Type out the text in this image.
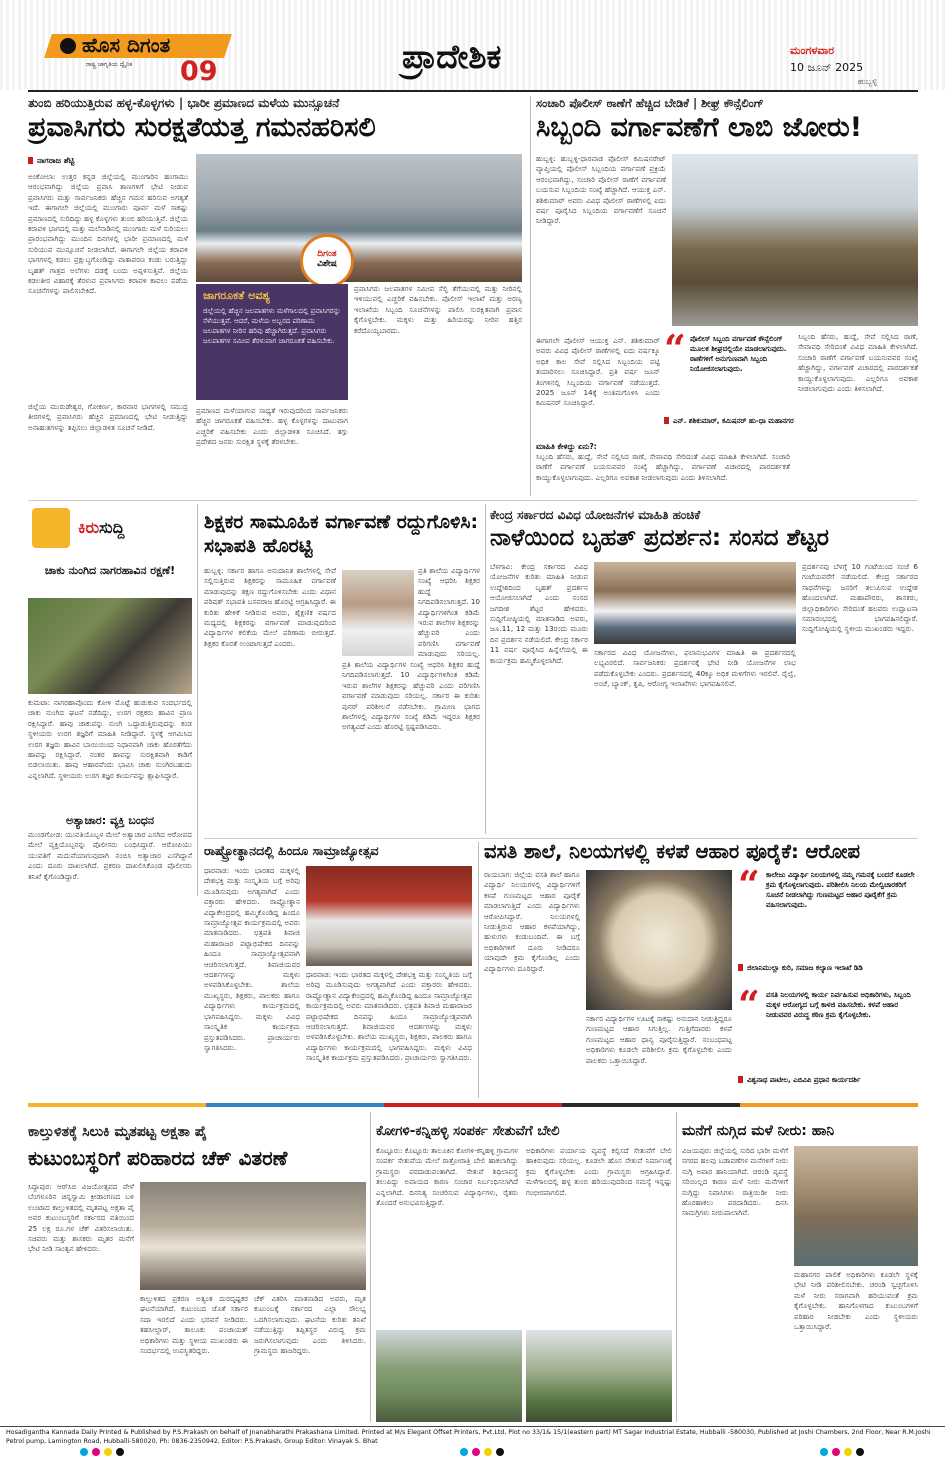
ಹೊಸ ದಿಗಂತ
ರಾಷ್ಟ್ರ ಜಾಗೃತಿಯ ದ್ವೈನಿಕ 09	ಪ್ರಾದೇಶಿಕ	ಮಂಗಳವಾರ
10 ಜೂನ್ 2025
ಹುಬ್ಬಳ್ಳಿ
ತುಂಬಿ ಹರಿಯುತ್ತಿರುವ ಹಳ್ಳ-ಕೊಳ್ಳಗಳು | ಭಾರೀ ಪ್ರಮಾಣದ ಮಳೆಯ ಮುನ್ಸೂಚನೆ
ಪ್ರವಾಸಿಗರು ಸುರಕ್ಷತೆಯತ್ತ ಗಮನಹರಿಸಲಿ
ನಾಗರಾಜ ಶೆಟ್ಟಿ
ಅಂಕೋಲಾ: ಉತ್ತರ ಕನ್ನಡ ಜಿಲ್ಲೆಯಲ್ಲಿ ಮುಂಗಾರಿನ ಹಂಗಾಮು ಆರಂಭವಾಗಿದ್ದು ಜಿಲ್ಲೆಯ ಪ್ರವಾಸಿ ತಾಣಗಳಿಗೆ ಭೇಟಿ ನೀಡುವ ಪ್ರವಾಸಿಗರು ಮತ್ತು ಸಾರ್ವಜನಿಕರು ಹೆಚ್ಚಿನ ಗಮನ ಹರಿಸುವ ಅಗತ್ಯತೆ ಇದೆ. ಈಗಾಗಲೇ ಜಿಲ್ಲೆಯಲ್ಲಿ ಮುಂಗಾರು ಪೂರ್ವ ಮಳೆ ಸಾಕಷ್ಟು ಪ್ರಮಾಣದಲ್ಲಿ ಸುರಿದಿದ್ದು ಹಳ್ಳ ಕೊಳ್ಳಗಳು ತುಂಬಿ ಹರಿಯುತ್ತಿವೆ. ಜಿಲ್ಲೆಯ ಕರಾವಳಿ ಭಾಗದಲ್ಲಿ ಮತ್ತು ಮಲೆನಾಡಿನಲ್ಲಿ ಮುಂಗಾರು ಮಳೆ ಸುರಿಯಲು ಪ್ರಾರಂಭವಾಗಿದ್ದು ಮುಂದಿನ ದಿನಗಳಲ್ಲಿ ಭಾರೀ ಪ್ರಮಾಣದಲ್ಲಿ ಮಳೆ ಸುರಿಯುವ ಮುನ್ಸೂಚನೆ ನೀಡಲಾಗಿದೆ. ಈಗಾಗಲೇ ಜಿಲ್ಲೆಯ ಕರಾವಳಿ ಭಾಗಗಳಲ್ಲಿ ಕಡಲು ಪ್ರಕ್ಷುಬ್ಧಗೊಂಡಿದ್ದು ವಾತಾವರಣ ಕಂಡು ಬರುತ್ತಿದ್ದು ಬೃಹತ್ ಗಾತ್ರದ ಅಲೆಗಳು ದಡಕ್ಕೆ ಬಂದು ಅಪ್ಪಳಿಸುತ್ತಿವೆ. ಜಿಲ್ಲೆಯ ಕಡಲತೀರ ವಿಹಾರಕ್ಕೆ ತೆರಳುವ ಪ್ರವಾಸಿಗರು ಕರಾವಳಿ ಕಾವಲು ಪಡೆಯ ಸೂಚನೆಗಳನ್ನು ಪಾಲಿಸಬೇಕಿದೆ.
ಜಿಲ್ಲೆಯ ಮುರುಡೇಶ್ವರ, ಗೋಕರ್ಣ, ಕಾರವಾರ ಭಾಗಗಳಲ್ಲಿ ಸಮುದ್ರ ತೀರಗಳಲ್ಲಿ ಪ್ರವಾಸಿಗರು ಹೆಚ್ಚಿನ ಪ್ರಮಾಣದಲ್ಲಿ ಭೇಟಿ ನೀಡುತ್ತಿದ್ದು ಅನಾಹುತಗಳನ್ನು ತಪ್ಪಿಸಲು ಜಿಲ್ಲಾಡಳಿತ ಸೂಚನೆ ನೀಡಿದೆ.
ದಿಗಂತ
ವಿಶೇಷ
ಜಾಗರೂಕತೆ ಅವಶ್ಯ
ಜಿಲ್ಲೆಯಲ್ಲಿ ಹೆಚ್ಚಿನ ಜಲಪಾತಗಳು ಮಳೆಗಾಲದಲ್ಲಿ ಪ್ರವಾಸಿಗರನ್ನು ಸೆಳೆಯುತ್ತವೆ. ಆದರೆ, ಮಳೆಯ ಅಬ್ಬರದ ಪರಿಣಾಮ ಜಲಪಾತಗಳ ನೀರಿನ ಹರಿವು ಹೆಚ್ಚಾಗಿರುತ್ತದೆ. ಪ್ರವಾಸಿಗರು ಜಲಪಾತಗಳ ಸಮೀಪ ತೆರಳುವಾಗ ಜಾಗರೂಕತೆ ವಹಿಸಬೇಕು.
ಪ್ರಮಾಣದ ಮಳೆಯಾಗುವ ಸಾಧ್ಯತೆ ಇರುವುದರಿಂದ ಸಾರ್ವಜನಿಕರು ಹೆಚ್ಚಿನ ಜಾಗರೂಕತೆ ವಹಿಸಬೇಕು. ಹಳ್ಳ ಕೊಳ್ಳಗಳನ್ನು ದಾಟುವಾಗ ಎಚ್ಚರಿಕೆ ವಹಿಸಬೇಕು ಎಂದು ಜಿಲ್ಲಾಡಳಿತ ಸೂಚಿಸಿದೆ. ತಗ್ಗು ಪ್ರದೇಶದ ಜನರು ಸುರಕ್ಷಿತ ಸ್ಥಳಕ್ಕೆ ತೆರಳಬೇಕು.
ಪ್ರವಾಸಿಗರು ಜಲಪಾತಗಳ ಸಮೀಪ ಸೆಲ್ಫಿ ತೆಗೆಯುವಲ್ಲಿ ಮತ್ತು ನೀರಿನಲ್ಲಿ ಇಳಿಯುವಲ್ಲಿ ಎಚ್ಚರಿಕೆ ವಹಿಸಬೇಕು. ಪೊಲೀಸ್ ಇಲಾಖೆ ಮತ್ತು ಅರಣ್ಯ ಇಲಾಖೆಯ ಸಿಬ್ಬಂದಿ ಸೂಚನೆಗಳನ್ನು ಪಾಲಿಸಿ ಸುರಕ್ಷಿತವಾಗಿ ಪ್ರವಾಸ ಕೈಗೊಳ್ಳಬೇಕು. ಮಕ್ಕಳು ಮತ್ತು ಹಿರಿಯರನ್ನು ನೀರಿನ ಹತ್ತಿರ ಕರೆದೊಯ್ಯಬಾರದು.
ಸಂಚಾರಿ ಪೊಲೀಸ್ ಠಾಣೆಗೆ ಹೆಚ್ಚಿದ ಬೇಡಿಕೆ | ಶೀಘ್ರ ಕೌನ್ಸೆಲಿಂಗ್
ಸಿಬ್ಬಂದಿ ವರ್ಗಾವಣೆಗೆ ಲಾಬಿ ಜೋರು!
ಹುಬ್ಬಳ್ಳಿ: ಹುಬ್ಬಳ್ಳಿ-ಧಾರವಾಡ ಪೊಲೀಸ್ ಕಮಿಷನರೇಟ್ ವ್ಯಾಪ್ತಿಯಲ್ಲಿ ಪೊಲೀಸ್ ಸಿಬ್ಬಂದಿಯ ವರ್ಗಾವಣೆ ಪ್ರಕ್ರಿಯೆ ಆರಂಭವಾಗಿದ್ದು, ಸಂಚಾರಿ ಪೊಲೀಸ್ ಠಾಣೆಗೆ ವರ್ಗಾವಣೆ ಬಯಸುವ ಸಿಬ್ಬಂದಿಯ ಸಂಖ್ಯೆ ಹೆಚ್ಚಾಗಿದೆ. ಆಯುಕ್ತ ಎನ್. ಶಶಿಕುಮಾರ್ ಅವರು ವಿವಿಧ ಪೊಲೀಸ್ ಠಾಣೆಗಳಲ್ಲಿ ಐದು ವರ್ಷ ಪೂರೈಸಿದ ಸಿಬ್ಬಂದಿಯ ವರ್ಗಾವಣೆಗೆ ಸೂಚನೆ ನೀಡಿದ್ದಾರೆ.
“ ಪೊಲೀಸ್ ಸಿಬ್ಬಂದಿ ವರ್ಗಾವಣೆ ಕೌನ್ಸೆಲಿಂಗ್ ಮೂಲಕ ಶೀಘ್ರದಲ್ಲಿಯೇ ಮಾಡಲಾಗುವುದು. ಠಾಣೆಗಳಿಗೆ ಅನುಗುಣವಾಗಿ ಸಿಬ್ಬಂದಿ ನಿಯೋಜಿಸಲಾಗುವುದು.
ಎನ್. ಶಶಿಕುಮಾರ್, ಕಮಿಷನರ್ ಹು-ಧಾ ಮಹಾನಗರ
ಈಗಾಗಲೇ ಪೊಲೀಸ್ ಆಯುಕ್ತ ಎನ್. ಶಶಿಕುಮಾರ್ ಅವರು ವಿವಿಧ ಪೊಲೀಸ್ ಠಾಣೆಗಳಲ್ಲಿ ಐದು ವರ್ಷಕ್ಕೂ ಅಧಿಕ ಕಾಲ ಸೇವೆ ಸಲ್ಲಿಸಿದ ಸಿಬ್ಬಂದಿಯ ಪಟ್ಟಿ ತಯಾರಿಸಲು ಸೂಚಿಸಿದ್ದಾರೆ. ಪ್ರತಿ ವರ್ಷ ಜೂನ್ ತಿಂಗಳಿನಲ್ಲಿ ಸಿಬ್ಬಂದಿಯ ವರ್ಗಾವಣೆ ನಡೆಯುತ್ತದೆ. 2025 ಜೂನ್ 14ಕ್ಕೆ ಅಂತಿಮಗೊಳಿಸಿ ಎಂದು ಕಮಿಷನರ್ ಸೂಚಿಸಿದ್ದಾರೆ.
ಮಾಹಿತಿ ಕೇಳಿದ್ದು ಏನು?:
ಸಿಬ್ಬಂದಿ ಹೆಸರು, ಹುದ್ದೆ, ಸೇವೆ ಸಲ್ಲಿಸಿದ ಠಾಣೆ, ಸೇವಾವಧಿ ಸೇರಿದಂತೆ ವಿವಿಧ ಮಾಹಿತಿ ಕೇಳಲಾಗಿದೆ. ಸಂಚಾರಿ ಠಾಣೆಗೆ ವರ್ಗಾವಣೆ ಬಯಸುವವರ ಸಂಖ್ಯೆ ಹೆಚ್ಚಾಗಿದ್ದು, ವರ್ಗಾವಣೆ ವಿಚಾರದಲ್ಲಿ ಪಾರದರ್ಶಕತೆ ಕಾಯ್ದುಕೊಳ್ಳಲಾಗುವುದು. ಎಲ್ಲರಿಗೂ ಅವಕಾಶ ನೀಡಲಾಗುವುದು ಎಂದು ತಿಳಿಸಲಾಗಿದೆ.
ಸಿಬ್ಬಂದಿ ಹೆಸರು, ಹುದ್ದೆ, ಸೇವೆ ಸಲ್ಲಿಸಿದ ಠಾಣೆ, ಸೇವಾವಧಿ ಸೇರಿದಂತೆ ವಿವಿಧ ಮಾಹಿತಿ ಕೇಳಲಾಗಿದೆ. ಸಂಚಾರಿ ಠಾಣೆಗೆ ವರ್ಗಾವಣೆ ಬಯಸುವವರ ಸಂಖ್ಯೆ ಹೆಚ್ಚಾಗಿದ್ದು, ವರ್ಗಾವಣೆ ವಿಚಾರದಲ್ಲಿ ಪಾರದರ್ಶಕತೆ ಕಾಯ್ದುಕೊಳ್ಳಲಾಗುವುದು. ಎಲ್ಲರಿಗೂ ಅವಕಾಶ ನೀಡಲಾಗುವುದು ಎಂದು ತಿಳಿಸಲಾಗಿದೆ.
ಕಿರುಸುದ್ದಿ
ಚಾಕು ನುಂಗಿದ ನಾಗರಹಾವಿನ ರಕ್ಷಣೆ!
ಕುಮಟಾ: ನಾಗರಹಾವೊಂದು ಕೋಳಿ ಮೊಟ್ಟೆ ಹುಡುಕುವ ಸಂದರ್ಭದಲ್ಲಿ ಚಾಕು ನುಂಗಿದ ಘಟನೆ ನಡೆದಿದ್ದು, ಉರಗ ರಕ್ಷಕರು ಹಾವಿನ ಪ್ರಾಣ ರಕ್ಷಿಸಿದ್ದಾರೆ. ಹಾವು ಚಾಕುವನ್ನು ನುಂಗಿ ಒದ್ದಾಡುತ್ತಿರುವುದನ್ನು ಕಂಡ ಸ್ಥಳೀಯರು ಉರಗ ತಜ್ಞರಿಗೆ ಮಾಹಿತಿ ನೀಡಿದ್ದಾರೆ. ಸ್ಥಳಕ್ಕೆ ಆಗಮಿಸಿದ ಉರಗ ತಜ್ಞರು ಹಾವಿನ ಬಾಯಿಯಿಂದ ನಿಧಾನವಾಗಿ ಚಾಕು ಹೊರತೆಗೆದು ಹಾವನ್ನು ರಕ್ಷಿಸಿದ್ದಾರೆ. ನಂತರ ಹಾವನ್ನು ಸುರಕ್ಷಿತವಾಗಿ ಕಾಡಿಗೆ ಬಿಡಲಾಯಿತು. ಹಾವು ಆಹಾರವೆಂದು ಭಾವಿಸಿ ಚಾಕು ನುಂಗಿರಬಹುದು ಎನ್ನಲಾಗಿದೆ. ಸ್ಥಳೀಯರು ಉರಗ ತಜ್ಞರ ಕಾರ್ಯವನ್ನು ಶ್ಲಾಘಿಸಿದ್ದಾರೆ.
ಅತ್ಯಾಚಾರ: ವ್ಯಕ್ತಿ ಬಂಧನ
ಮುಂಡಗೋಡ: ಯುವತಿಯೊಬ್ಬಳ ಮೇಲೆ ಅತ್ಯಾಚಾರ ಎಸಗಿದ ಆರೋಪದ ಮೇಲೆ ವ್ಯಕ್ತಿಯೊಬ್ಬನನ್ನು ಪೊಲೀಸರು ಬಂಧಿಸಿದ್ದಾರೆ. ಆರೋಪಿಯು ಯುವತಿಗೆ ಮದುವೆಯಾಗುವುದಾಗಿ ನಂಬಿಸಿ ಅತ್ಯಾಚಾರ ಎಸಗಿದ್ದಾನೆ ಎಂದು ದೂರು ದಾಖಲಾಗಿದೆ. ಪ್ರಕರಣ ದಾಖಲಿಸಿಕೊಂಡ ಪೊಲೀಸರು ತನಿಖೆ ಕೈಗೊಂಡಿದ್ದಾರೆ.
ಶಿಕ್ಷಕರ ಸಾಮೂಹಿಕ ವರ್ಗಾವಣೆ ರದ್ದುಗೊಳಿಸಿ: ಸಭಾಪತಿ ಹೊರಟ್ಟಿ
ಹುಬ್ಬಳ್ಳಿ: ಸರ್ಕಾರ ಹಾಗೂ ಅನುದಾನಿತ ಶಾಲೆಗಳಲ್ಲಿ ಸೇವೆ ಸಲ್ಲಿಸುತ್ತಿರುವ ಶಿಕ್ಷಕರನ್ನು ಸಾಮೂಹಿಕ ವರ್ಗಾವಣೆ ಮಾಡುವುದನ್ನು ತಕ್ಷಣ ರದ್ದುಗೊಳಿಸಬೇಕು ಎಂದು ವಿಧಾನ ಪರಿಷತ್ ಸಭಾಪತಿ ಬಸವರಾಜ ಹೊರಟ್ಟಿ ಆಗ್ರಹಿಸಿದ್ದಾರೆ. ಈ ಕುರಿತು ಹೇಳಿಕೆ ನೀಡಿರುವ ಅವರು, ಶೈಕ್ಷಣಿಕ ವರ್ಷದ ಮಧ್ಯದಲ್ಲಿ ಶಿಕ್ಷಕರನ್ನು ವರ್ಗಾವಣೆ ಮಾಡುವುದರಿಂದ ವಿದ್ಯಾರ್ಥಿಗಳ ಕಲಿಕೆಯ ಮೇಲೆ ಪರಿಣಾಮ ಬೀರುತ್ತದೆ. ಶಿಕ್ಷಕರ ಕೊರತೆ ಉಂಟಾಗುತ್ತದೆ ಎಂದರು.
ಪ್ರತಿ ಶಾಲೆಯ ವಿದ್ಯಾರ್ಥಿಗಳ ಸಂಖ್ಯೆ ಆಧರಿಸಿ ಶಿಕ್ಷಕರ ಹುದ್ದೆ ನಿಗದಿಪಡಿಸಲಾಗುತ್ತದೆ. 10 ವಿದ್ಯಾರ್ಥಿಗಳಿಗಿಂತ ಕಡಿಮೆ ಇರುವ ಶಾಲೆಗಳ ಶಿಕ್ಷಕರನ್ನು ಹೆಚ್ಚುವರಿ ಎಂದು ಪರಿಗಣಿಸಿ ವರ್ಗಾವಣೆ ಮಾಡುವುದು ಸರಿಯಲ್ಲ. ಸರ್ಕಾರ ಈ ಕುರಿತು ಪುನರ್ ಪರಿಶೀಲನೆ ನಡೆಸಬೇಕು. ಗ್ರಾಮೀಣ ಭಾಗದ ಶಾಲೆಗಳಲ್ಲಿ ವಿದ್ಯಾರ್ಥಿಗಳ ಸಂಖ್ಯೆ ಕಡಿಮೆ ಇದ್ದರೂ ಶಿಕ್ಷಕರ ಅಗತ್ಯವಿದೆ ಎಂದು ಹೊರಟ್ಟಿ ಸ್ಪಷ್ಟಪಡಿಸಿದರು.
ಪ್ರತಿ ಶಾಲೆಯ ವಿದ್ಯಾರ್ಥಿಗಳ ಸಂಖ್ಯೆ ಆಧರಿಸಿ ಶಿಕ್ಷಕರ ಹುದ್ದೆ ನಿಗದಿಪಡಿಸಲಾಗುತ್ತದೆ. 10 ವಿದ್ಯಾರ್ಥಿಗಳಿಗಿಂತ ಕಡಿಮೆ ಇರುವ ಶಾಲೆಗಳ ಶಿಕ್ಷಕರನ್ನು ಹೆಚ್ಚುವರಿ ಎಂದು ಪರಿಗಣಿಸಿ ವರ್ಗಾವಣೆ ಮಾಡುವುದು ಸರಿಯಲ್ಲ.
ಕೇಂದ್ರ ಸರ್ಕಾರದ ವಿವಿಧ ಯೋಜನೆಗಳ ಮಾಹಿತಿ ಹಂಚಿಕೆ
ನಾಳೆಯಿಂದ ಬೃಹತ್ ಪ್ರದರ್ಶನ: ಸಂಸದ ಶೆಟ್ಟರ
ಬೆಳಗಾವಿ: ಕೇಂದ್ರ ಸರ್ಕಾರದ ವಿವಿಧ ಯೋಜನೆಗಳ ಕುರಿತು ಮಾಹಿತಿ ನೀಡುವ ಉದ್ದೇಶದಿಂದ ಬೃಹತ್ ಪ್ರದರ್ಶನ ಆಯೋಜಿಸಲಾಗಿದೆ ಎಂದು ಸಂಸದ ಜಗದೀಶ ಶೆಟ್ಟರ ಹೇಳಿದರು. ಸುದ್ದಿಗೋಷ್ಠಿಯಲ್ಲಿ ಮಾತನಾಡಿದ ಅವರು, ಜೂ.11, 12 ಮತ್ತು 13ರಂದು ಮೂರು ದಿನ ಪ್ರದರ್ಶನ ನಡೆಯಲಿದೆ. ಕೇಂದ್ರ ಸರ್ಕಾರ 11 ವರ್ಷ ಪೂರೈಸಿದ ಹಿನ್ನೆಲೆಯಲ್ಲಿ ಈ ಕಾರ್ಯಕ್ರಮ ಹಮ್ಮಿಕೊಳ್ಳಲಾಗಿದೆ.
ಸರ್ಕಾರದ ವಿವಿಧ ಯೋಜನೆಗಳು, ಫಲಾನುಭವಿಗಳ ಮಾಹಿತಿ ಈ ಪ್ರದರ್ಶನದಲ್ಲಿ ಲಭ್ಯವಿರಲಿದೆ. ಸಾರ್ವಜನಿಕರು ಪ್ರದರ್ಶನಕ್ಕೆ ಭೇಟಿ ನೀಡಿ ಯೋಜನೆಗಳ ಲಾಭ ಪಡೆದುಕೊಳ್ಳಬೇಕು ಎಂದರು. ಪ್ರದರ್ಶನದಲ್ಲಿ 40ಕ್ಕೂ ಅಧಿಕ ಮಳಿಗೆಗಳು ಇರಲಿವೆ. ರೈಲ್ವೆ, ಅಂಚೆ, ಬ್ಯಾಂಕ್, ಕೃಷಿ, ಆರೋಗ್ಯ ಇಲಾಖೆಗಳು ಭಾಗವಹಿಸಲಿವೆ.
ಪ್ರದರ್ಶನವು ಬೆಳಗ್ಗೆ 10 ಗಂಟೆಯಿಂದ ಸಂಜೆ 6 ಗಂಟೆಯವರೆಗೆ ನಡೆಯಲಿದೆ. ಕೇಂದ್ರ ಸರ್ಕಾರದ ಸಾಧನೆಗಳನ್ನು ಜನರಿಗೆ ತಲುಪಿಸುವ ಉದ್ದೇಶ ಹೊಂದಲಾಗಿದೆ. ಮಹಾಪೌರರು, ಶಾಸಕರು, ಜಿಲ್ಲಾಧಿಕಾರಿಗಳು ಸೇರಿದಂತೆ ಹಲವರು ಉದ್ಘಾಟನಾ ಸಮಾರಂಭದಲ್ಲಿ ಭಾಗವಹಿಸಲಿದ್ದಾರೆ. ಸುದ್ದಿಗೋಷ್ಠಿಯಲ್ಲಿ ಸ್ಥಳೀಯ ಮುಖಂಡರು ಇದ್ದರು.
ರಾಷ್ಟ್ರೋತ್ಥಾನದಲ್ಲಿ ಹಿಂದೂ ಸಾಮ್ರಾಜ್ಯೋತ್ಸವ
ಧಾರವಾಡ: ಇಂದು ಭಾರತದ ಮಕ್ಕಳಲ್ಲಿ ದೇಶಭಕ್ತಿ ಮತ್ತು ಸಂಸ್ಕೃತಿಯ ಬಗ್ಗೆ ಅರಿವು ಮೂಡಿಸುವುದು ಅಗತ್ಯವಾಗಿದೆ ಎಂದು ವಕ್ತಾರರು ಹೇಳಿದರು. ರಾಷ್ಟ್ರೋತ್ಥಾನ ವಿದ್ಯಾಕೇಂದ್ರದಲ್ಲಿ ಹಮ್ಮಿಕೊಂಡಿದ್ದ ಹಿಂದೂ ಸಾಮ್ರಾಜ್ಯೋತ್ಸವ ಕಾರ್ಯಕ್ರಮದಲ್ಲಿ ಅವರು ಮಾತನಾಡಿದರು. ಛತ್ರಪತಿ ಶಿವಾಜಿ ಮಹಾರಾಜರ ಪಟ್ಟಾಭಿಷೇಕದ ದಿನವನ್ನು ಹಿಂದೂ ಸಾಮ್ರಾಜ್ಯೋತ್ಸವವಾಗಿ ಆಚರಿಸಲಾಗುತ್ತದೆ. ಶಿವಾಜಿಯವರ ಆದರ್ಶಗಳನ್ನು ಮಕ್ಕಳು ಅಳವಡಿಸಿಕೊಳ್ಳಬೇಕು. ಶಾಲೆಯ ಮುಖ್ಯಸ್ಥರು, ಶಿಕ್ಷಕರು, ಪಾಲಕರು ಹಾಗೂ ವಿದ್ಯಾರ್ಥಿಗಳು ಕಾರ್ಯಕ್ರಮದಲ್ಲಿ ಭಾಗವಹಿಸಿದ್ದರು. ಮಕ್ಕಳು ವಿವಿಧ ಸಾಂಸ್ಕೃತಿಕ ಕಾರ್ಯಕ್ರಮ ಪ್ರಸ್ತುತಪಡಿಸಿದರು. ಪ್ರಾಚಾರ್ಯರು ಸ್ವಾಗತಿಸಿದರು.
ಧಾರವಾಡ: ಇಂದು ಭಾರತದ ಮಕ್ಕಳಲ್ಲಿ ದೇಶಭಕ್ತಿ ಮತ್ತು ಸಂಸ್ಕೃತಿಯ ಬಗ್ಗೆ ಅರಿವು ಮೂಡಿಸುವುದು ಅಗತ್ಯವಾಗಿದೆ ಎಂದು ವಕ್ತಾರರು ಹೇಳಿದರು. ರಾಷ್ಟ್ರೋತ್ಥಾನ ವಿದ್ಯಾಕೇಂದ್ರದಲ್ಲಿ ಹಮ್ಮಿಕೊಂಡಿದ್ದ ಹಿಂದೂ ಸಾಮ್ರಾಜ್ಯೋತ್ಸವ ಕಾರ್ಯಕ್ರಮದಲ್ಲಿ ಅವರು ಮಾತನಾಡಿದರು. ಛತ್ರಪತಿ ಶಿವಾಜಿ ಮಹಾರಾಜರ ಪಟ್ಟಾಭಿಷೇಕದ ದಿನವನ್ನು ಹಿಂದೂ ಸಾಮ್ರಾಜ್ಯೋತ್ಸವವಾಗಿ ಆಚರಿಸಲಾಗುತ್ತದೆ. ಶಿವಾಜಿಯವರ ಆದರ್ಶಗಳನ್ನು ಮಕ್ಕಳು ಅಳವಡಿಸಿಕೊಳ್ಳಬೇಕು. ಶಾಲೆಯ ಮುಖ್ಯಸ್ಥರು, ಶಿಕ್ಷಕರು, ಪಾಲಕರು ಹಾಗೂ ವಿದ್ಯಾರ್ಥಿಗಳು ಕಾರ್ಯಕ್ರಮದಲ್ಲಿ ಭಾಗವಹಿಸಿದ್ದರು. ಮಕ್ಕಳು ವಿವಿಧ ಸಾಂಸ್ಕೃತಿಕ ಕಾರ್ಯಕ್ರಮ ಪ್ರಸ್ತುತಪಡಿಸಿದರು. ಪ್ರಾಚಾರ್ಯರು ಸ್ವಾಗತಿಸಿದರು.
ವಸತಿ ಶಾಲೆ, ನಿಲಯಗಳಲ್ಲಿ ಕಳಪೆ ಆಹಾರ ಪೂರೈಕೆ: ಆರೋಪ
ರಾಯಬಾಗ: ಜಿಲ್ಲೆಯ ವಸತಿ ಶಾಲೆ ಹಾಗೂ ವಿದ್ಯಾರ್ಥಿ ನಿಲಯಗಳಲ್ಲಿ ವಿದ್ಯಾರ್ಥಿಗಳಿಗೆ ಕಳಪೆ ಗುಣಮಟ್ಟದ ಆಹಾರ ಪೂರೈಕೆ ಮಾಡಲಾಗುತ್ತಿದೆ ಎಂದು ವಿದ್ಯಾರ್ಥಿಗಳು ಆರೋಪಿಸಿದ್ದಾರೆ. ನಿಲಯಗಳಲ್ಲಿ ನೀಡುತ್ತಿರುವ ಆಹಾರ ಕಳಪೆಯಾಗಿದ್ದು, ಹುಳುಗಳು ಕಂಡುಬಂದಿವೆ. ಈ ಬಗ್ಗೆ ಅಧಿಕಾರಿಗಳಿಗೆ ದೂರು ನೀಡಿದರೂ ಯಾವುದೇ ಕ್ರಮ ಕೈಗೊಂಡಿಲ್ಲ ಎಂದು ವಿದ್ಯಾರ್ಥಿಗಳು ದೂರಿದ್ದಾರೆ.
ಸರ್ಕಾರ ವಿದ್ಯಾರ್ಥಿಗಳ ಊಟಕ್ಕೆ ಸಾಕಷ್ಟು ಅನುದಾನ ನೀಡುತ್ತಿದ್ದರೂ ಗುಣಮಟ್ಟದ ಆಹಾರ ಸಿಗುತ್ತಿಲ್ಲ. ಗುತ್ತಿಗೆದಾರರು ಕಳಪೆ ಗುಣಮಟ್ಟದ ಆಹಾರ ಧಾನ್ಯ ಪೂರೈಸುತ್ತಿದ್ದಾರೆ. ಸಂಬಂಧಪಟ್ಟ ಅಧಿಕಾರಿಗಳು ಕೂಡಲೇ ಪರಿಶೀಲಿಸಿ ಕ್ರಮ ಕೈಗೊಳ್ಳಬೇಕು ಎಂದು ಪಾಲಕರು ಒತ್ತಾಯಿಸಿದ್ದಾರೆ.
“ ಕಾಲೇಜು ವಿದ್ಯಾರ್ಥಿ ನಿಲಯಗಳಲ್ಲಿ ನಮ್ಮ ಗಮನಕ್ಕೆ ಬಂದರೆ ಕೂಡಲೇ ಕ್ರಮ ಕೈಗೊಳ್ಳಲಾಗುವುದು. ಪರಿಶೀಲಿಸಿ ನಿಲಯ ಮೇಲ್ವಿಚಾರಕರಿಗೆ ಸೂಚನೆ ನೀಡಲಾಗಿದ್ದು ಗುಣಮಟ್ಟದ ಆಹಾರ ಪೂರೈಕೆಗೆ ಕ್ರಮ ವಹಿಸಲಾಗುವುದು.
ಜಿಲಾನಿಮುಲ್ಲಾ ಕುರಿ, ಸಮಾಜ ಕಲ್ಯಾಣ ಇಲಾಖೆ ಡಿಡಿ
“ ವಸತಿ ನಿಲಯಗಳಲ್ಲಿ ಕಾರ್ಯ ನಿರ್ವಹಿಸುವ ಅಧಿಕಾರಿಗಳು, ಸಿಬ್ಬಂದಿ ಮಕ್ಕಳ ಆರೋಗ್ಯದ ಬಗ್ಗೆ ಕಾಳಜಿ ವಹಿಸಬೇಕು. ಕಳಪೆ ಆಹಾರ ನೀಡುವವರ ವಿರುದ್ಧ ಕಠಿಣ ಕ್ರಮ ಕೈಗೊಳ್ಳಬೇಕು.
ವಿಶ್ವನಾಥ ಪಾಟೀಲ, ಎಬಿವಿಪಿ ಪ್ರಧಾನ ಕಾರ್ಯದರ್ಶಿ
ಕಾಲ್ತುಳಿತಕ್ಕೆ ಸಿಲುಕಿ ಮೃತಪಟ್ಟ ಅಕ್ಷತಾ ಪೈ
ಕುಟುಂಬಸ್ಥರಿಗೆ ಪರಿಹಾರದ ಚೆಕ್ ವಿತರಣೆ
ಸಿದ್ದಾಪುರ: ಆರ್‌ಸಿಬಿ ವಿಜಯೋತ್ಸವದ ವೇಳೆ ಬೆಂಗಳೂರಿನ ಚಿನ್ನಸ್ವಾಮಿ ಕ್ರೀಡಾಂಗಣದ ಬಳಿ ಉಂಟಾದ ಕಾಲ್ತುಳಿತದಲ್ಲಿ ಮೃತಪಟ್ಟ ಅಕ್ಷತಾ ಪೈ ಅವರ ಕುಟುಂಬಸ್ಥರಿಗೆ ಸರ್ಕಾರದ ವತಿಯಿಂದ 25 ಲಕ್ಷ ರೂ.ಗಳ ಚೆಕ್ ವಿತರಿಸಲಾಯಿತು. ಸಚಿವರು ಮತ್ತು ಶಾಸಕರು ಮೃತರ ಮನೆಗೆ ಭೇಟಿ ನೀಡಿ ಸಾಂತ್ವನ ಹೇಳಿದರು.
ಕಾಲ್ತುಳಿತದ ಪ್ರಕರಣ ಅತ್ಯಂತ ದುರದೃಷ್ಟಕರ ಘಟನೆಯಾಗಿದೆ. ಕುಟುಂಬದ ಜೊತೆ ಸರ್ಕಾರ ಸದಾ ಇರಲಿದೆ ಎಂದು ಭರವಸೆ ನೀಡಿದರು. ತಹಸೀಲ್ದಾರ್, ತಾಲೂಕು ಪಂಚಾಯತ್ ಅಧಿಕಾರಿಗಳು ಮತ್ತು ಸ್ಥಳೀಯ ಮುಖಂಡರು ಈ ಸಂದರ್ಭದಲ್ಲಿ ಉಪಸ್ಥಿತರಿದ್ದರು.
ಚೆಕ್ ವಿತರಿಸಿ ಮಾತನಾಡಿದ ಅವರು, ಮೃತ ಕುಟುಂಬಕ್ಕೆ ಸರ್ಕಾರದ ಎಲ್ಲಾ ಸೌಲಭ್ಯ ಒದಗಿಸಲಾಗುವುದು. ಘಟನೆಯ ಕುರಿತು ತನಿಖೆ ನಡೆಯುತ್ತಿದ್ದು ತಪ್ಪಿತಸ್ಥರ ವಿರುದ್ಧ ಕ್ರಮ ಜರುಗಿಸಲಾಗುವುದು ಎಂದು ತಿಳಿಸಿದರು. ಗ್ರಾಮಸ್ಥರು ಹಾಜರಿದ್ದರು.
ಕೋಗಳಿ-ಕನ್ನಿಹಳ್ಳಿ ಸಂಪರ್ಕ ಸೇತುವೆಗೆ ಬೇಲಿ
ಕೊಟ್ಟೂರು: ಕೊಟ್ಟೂರು ತಾಲೂಕಿನ ಕೋಗಳಿ-ಕನ್ನಿಹಳ್ಳಿ ಗ್ರಾಮಗಳ ಸಂಪರ್ಕ ಸೇತುವೆಯ ಮೇಲೆ ರಾತ್ರೋರಾತ್ರಿ ಬೇಲಿ ಹಾಕಲಾಗಿದ್ದು ಗ್ರಾಮಸ್ಥರು ಪರದಾಡುವಂತಾಗಿದೆ. ಸೇತುವೆ ಶಿಥಿಲಾವಸ್ಥೆ ತಲುಪಿದ್ದು ಅಪಾಯದ ಕಾರಣ ಸಂಚಾರ ನಿರ್ಬಂಧಿಸಲಾಗಿದೆ ಎನ್ನಲಾಗಿದೆ. ದಿನನಿತ್ಯ ಸಂಚರಿಸುವ ವಿದ್ಯಾರ್ಥಿಗಳು, ರೈತರು ತೊಂದರೆ ಅನುಭವಿಸುತ್ತಿದ್ದಾರೆ.
ಅಧಿಕಾರಿಗಳು ಪರ್ಯಾಯ ವ್ಯವಸ್ಥೆ ಕಲ್ಪಿಸದೆ ಸೇತುವೆಗೆ ಬೇಲಿ ಹಾಕಿರುವುದು ಸರಿಯಲ್ಲ. ಕೂಡಲೇ ಹೊಸ ಸೇತುವೆ ನಿರ್ಮಾಣಕ್ಕೆ ಕ್ರಮ ಕೈಗೊಳ್ಳಬೇಕು ಎಂದು ಗ್ರಾಮಸ್ಥರು ಆಗ್ರಹಿಸಿದ್ದಾರೆ. ಮಳೆಗಾಲದಲ್ಲಿ ಹಳ್ಳ ತುಂಬಿ ಹರಿಯುವುದರಿಂದ ಸಮಸ್ಯೆ ಇನ್ನಷ್ಟು ಗಂಭೀರವಾಗಲಿದೆ.
ಮನೆಗೆ ನುಗ್ಗಿದ ಮಳೆ ನೀರು: ಹಾನಿ
ವಿಜಯಪುರ: ಜಿಲ್ಲೆಯಲ್ಲಿ ಸುರಿದ ಭಾರೀ ಮಳೆಗೆ ನಗರದ ಹಲವು ಬಡಾವಣೆಗಳ ಮನೆಗಳಿಗೆ ನೀರು ನುಗ್ಗಿ ಅಪಾರ ಹಾನಿಯಾಗಿದೆ. ಚರಂಡಿ ವ್ಯವಸ್ಥೆ ಸರಿಯಿಲ್ಲದ ಕಾರಣ ಮಳೆ ನೀರು ಮನೆಗಳಿಗೆ ನುಗ್ಗಿದ್ದು ನಿವಾಸಿಗಳು ರಾತ್ರಿಯಿಡೀ ನೀರು ಹೊರಹಾಕಲು ಪರದಾಡಿದರು. ದಿನಸಿ ಸಾಮಗ್ರಿಗಳು ನೀರುಪಾಲಾಗಿವೆ.
ಮಹಾನಗರ ಪಾಲಿಕೆ ಅಧಿಕಾರಿಗಳು ಕೂಡಲೇ ಸ್ಥಳಕ್ಕೆ ಭೇಟಿ ನೀಡಿ ಪರಿಶೀಲಿಸಬೇಕು. ಚರಂಡಿ ಸ್ವಚ್ಛಗೊಳಿಸಿ ಮಳೆ ನೀರು ಸರಾಗವಾಗಿ ಹರಿಯುವಂತೆ ಕ್ರಮ ಕೈಗೊಳ್ಳಬೇಕು. ಹಾನಿಗೊಳಗಾದ ಕುಟುಂಬಗಳಿಗೆ ಪರಿಹಾರ ನೀಡಬೇಕು ಎಂದು ಸ್ಥಳೀಯರು ಒತ್ತಾಯಿಸಿದ್ದಾರೆ.
Hosadigantha Kannada Daily Printed & Published by P.S.Prakash on behalf of Jnanabharathi Prakashana Limited. Printed at M/s Elegant Offset Printers, Pvt.Ltd, Plot no 33/1& 15/1(eastern part) MT Sagar Industrial Estate, Hubballi -580030, Published at Joshi Chambers, 2nd Floor, Near R.M.Joshi Petrol pump, Lamington Road, Hubballi-580020, Ph: 0836-2350942, Editor: P.S.Prakash, Group Editor: Vinayak S. Bhat
